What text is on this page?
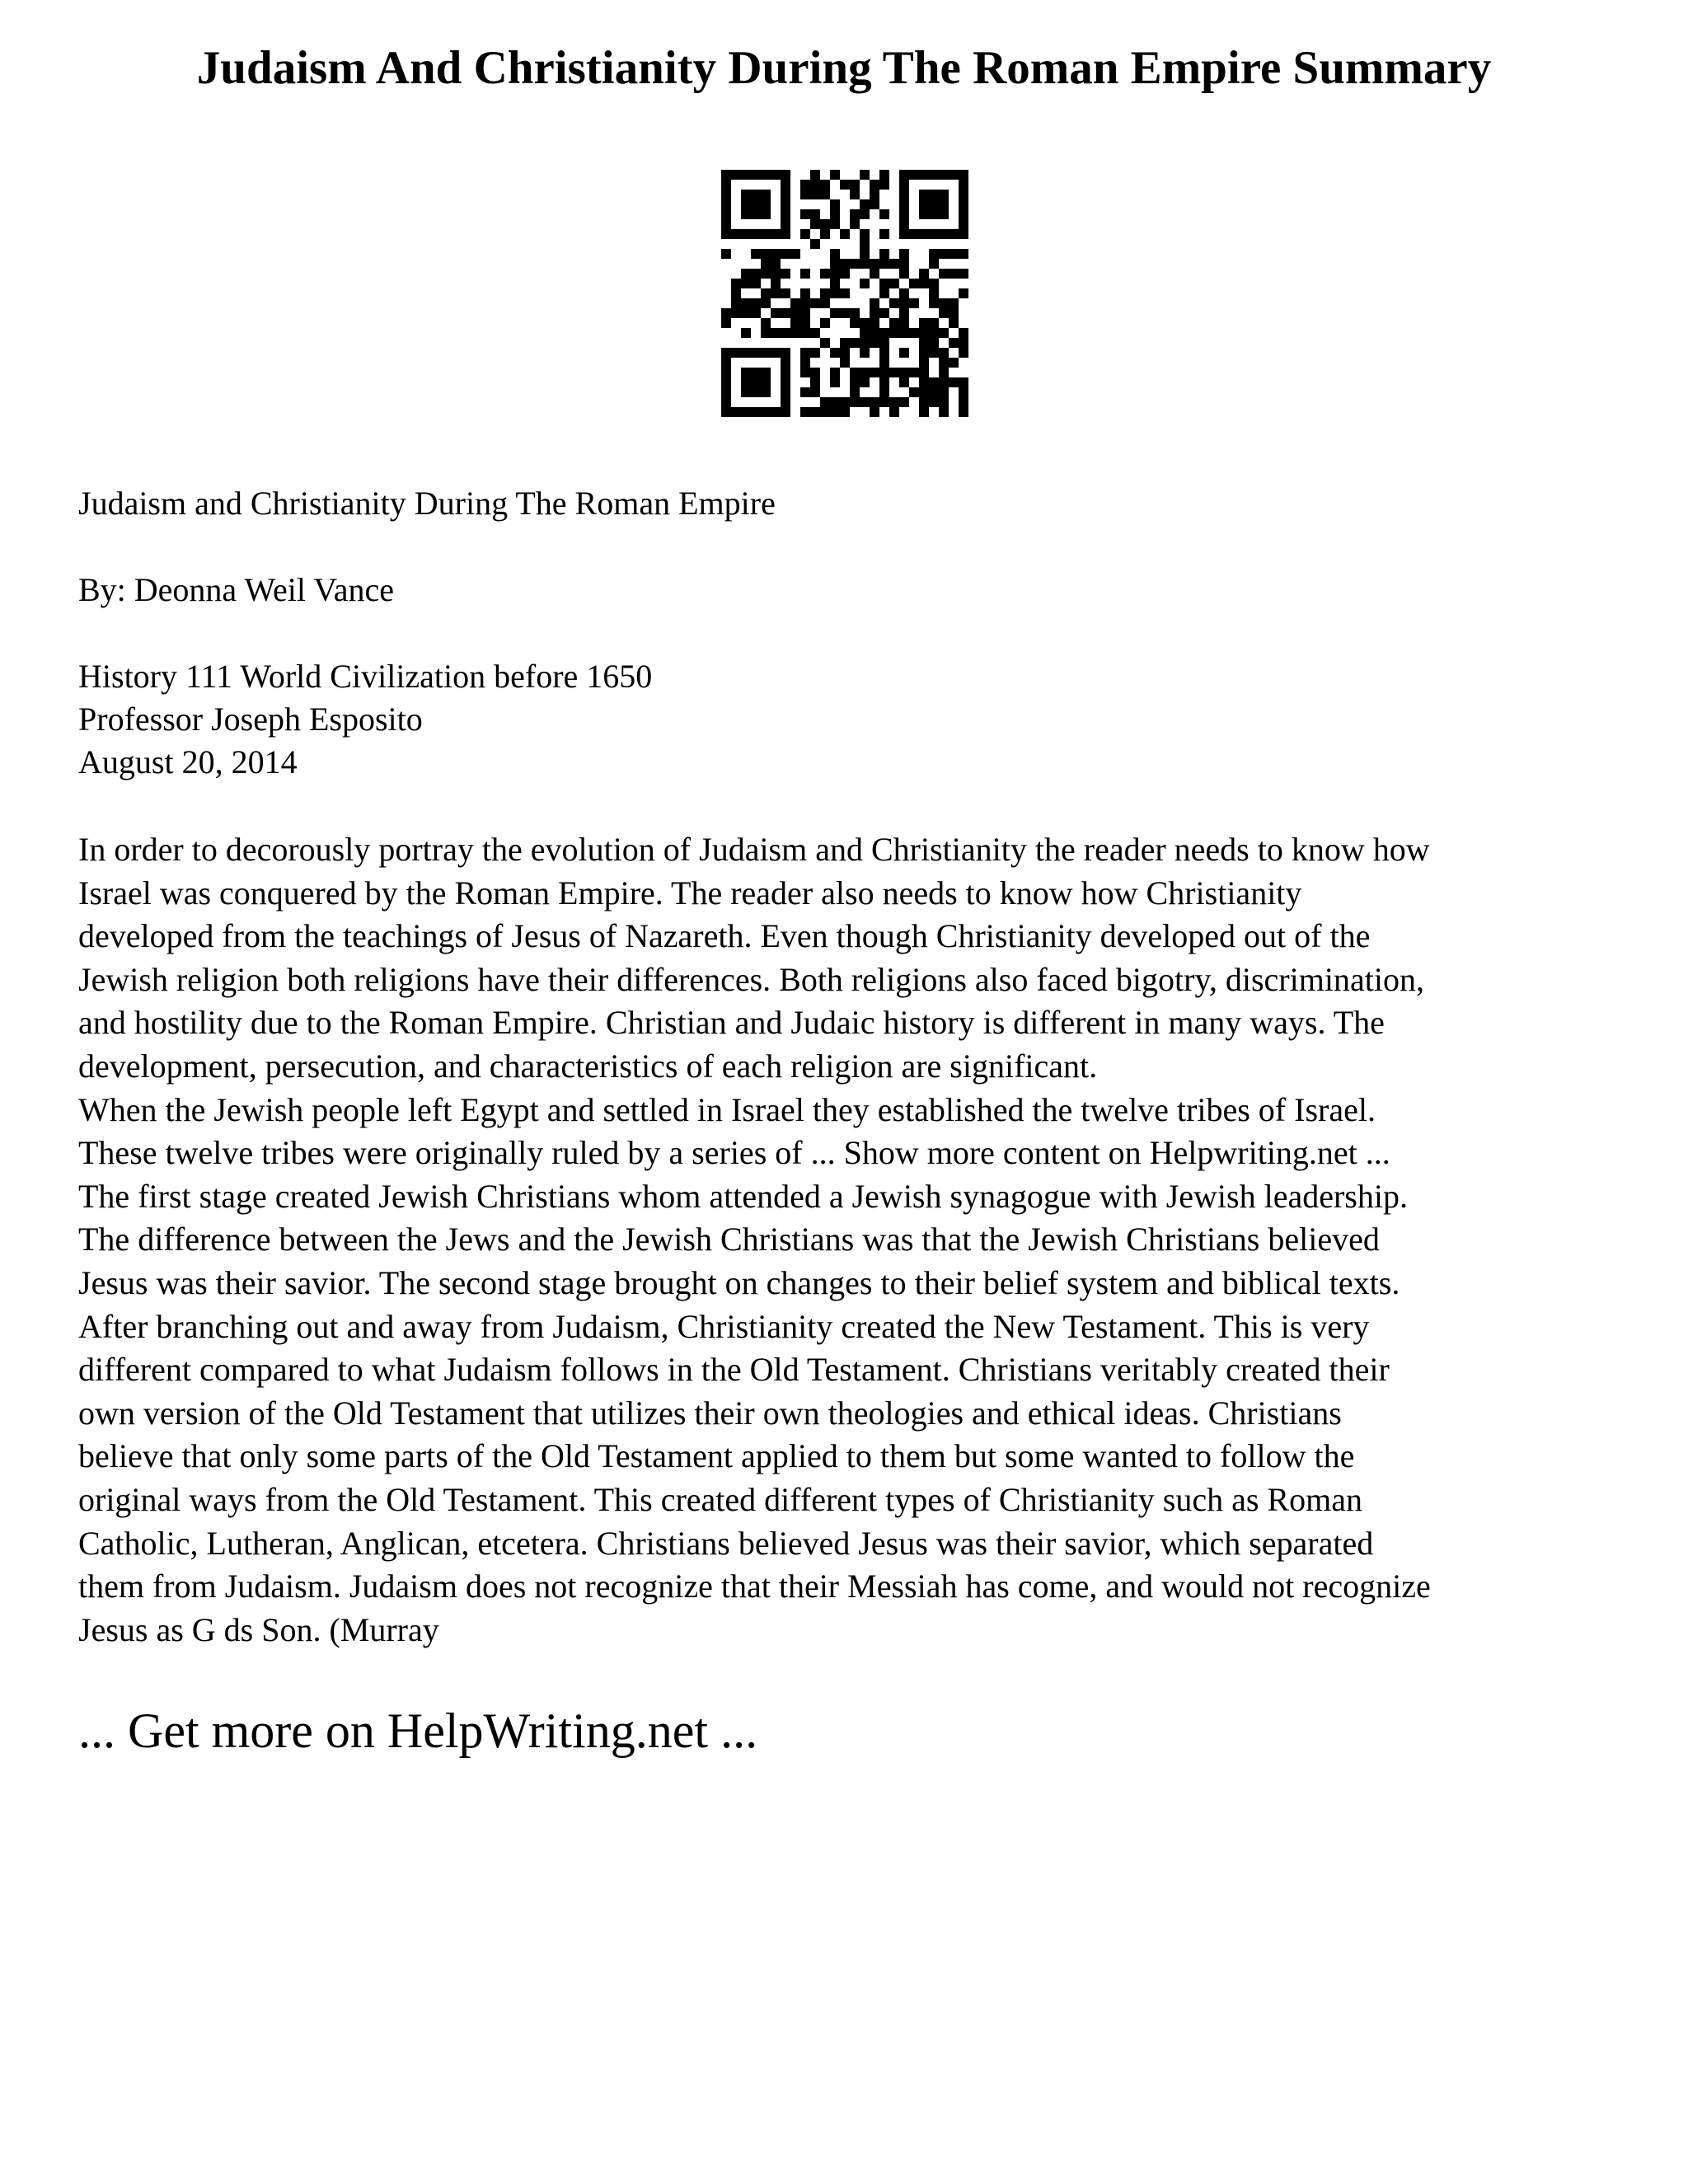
Judaism And Christianity During The Roman Empire Summary

Judaism and Christianity During The Roman Empire

By: Deonna Weil Vance

History 111 World Civilization before 1650

Professor Joseph Esposito

August 20, 2014

In order to decorously portray the evolution of Judaism and Christianity the reader needs to know how
Israel was conquered by the Roman Empire. The reader also needs to know how Christianity
developed from the teachings of Jesus of Nazareth. Even though Christianity developed out of the
Jewish religion both religions have their differences. Both religions also faced bigotry, discrimination,
and hostility due to the Roman Empire. Christian and Judaic history is different in many ways. The
development, persecution, and characteristics of each religion are significant.
When the Jewish people left Egypt and settled in Israel they established the twelve tribes of Israel.
These twelve tribes were originally ruled by a series of ... Show more content on Helpwriting.net ...
The first stage created Jewish Christians whom attended a Jewish synagogue with Jewish leadership.
The difference between the Jews and the Jewish Christians was that the Jewish Christians believed
Jesus was their savior. The second stage brought on changes to their belief system and biblical texts.
After branching out and away from Judaism, Christianity created the New Testament. This is very
different compared to what Judaism follows in the Old Testament. Christians veritably created their
own version of the Old Testament that utilizes their own theologies and ethical ideas. Christians
believe that only some parts of the Old Testament applied to them but some wanted to follow the
original ways from the Old Testament. This created different types of Christianity such as Roman
Catholic, Lutheran, Anglican, etcetera. Christians believed Jesus was their savior, which separated
them from Judaism. Judaism does not recognize that their Messiah has come, and would not recognize
Jesus as G ds Son. (Murray

... Get more on HelpWriting.net ...
